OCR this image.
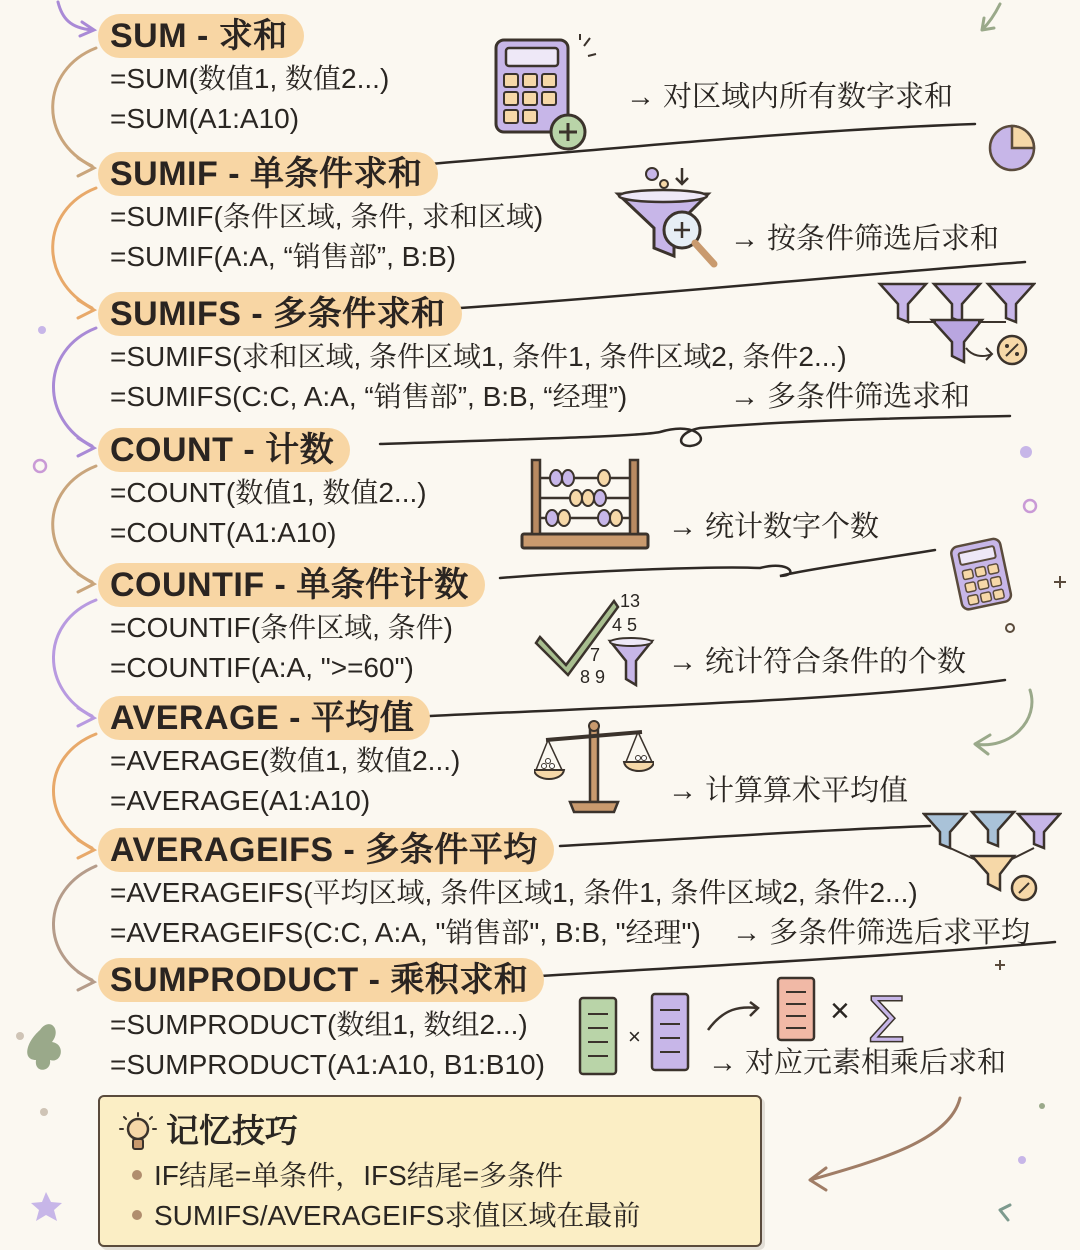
SUM - 求和
=SUM(数值1, 数值2...)
=SUM(A1:A10)
→ 对区域内所有数字求和
SUMIF - 单条件求和
=SUMIF(条件区域, 条件, 求和区域)
=SUMIF(A:A, “销售部”, B:B)
→ 按条件筛选后求和
SUMIFS - 多条件求和
=SUMIFS(求和区域, 条件区域1, 条件1, 条件区域2, 条件2...)
=SUMIFS(C:C, A:A, “销售部”, B:B, “经理”)	→ 多条件筛选求和
COUNT - 计数
=COUNT(数值1, 数值2...)
=COUNT(A1:A10)	→ 统计数字个数
COUNTIF - 单条件计数
=COUNTIF(条件区域, 条件)
=COUNTIF(A:A, ">=60")
13
4 5
7
8 9 → 统计符合条件的个数
AVERAGE - 平均值
=AVERAGE(数值1, 数值2...)
=AVERAGE(A1:A10)	→ 计算算术平均值
AVERAGEIFS - 多条件平均
=AVERAGEIFS(平均区域, 条件区域1, 条件1, 条件区域2, 条件2...)
=AVERAGEIFS(C:C, A:A, "销售部", B:B, "经理") → 多条件筛选后求平均
SUMPRODUCT - 乘积求和
=SUMPRODUCT(数组1, 数组2...)
=SUMPRODUCT(A1:A10, B1:B10)
×
× ∑
→ 对应元素相乘后求和
记忆技巧
IF结尾=单条件，IFS结尾=多条件
SUMIFS/AVERAGEIFS求值区域在最前
